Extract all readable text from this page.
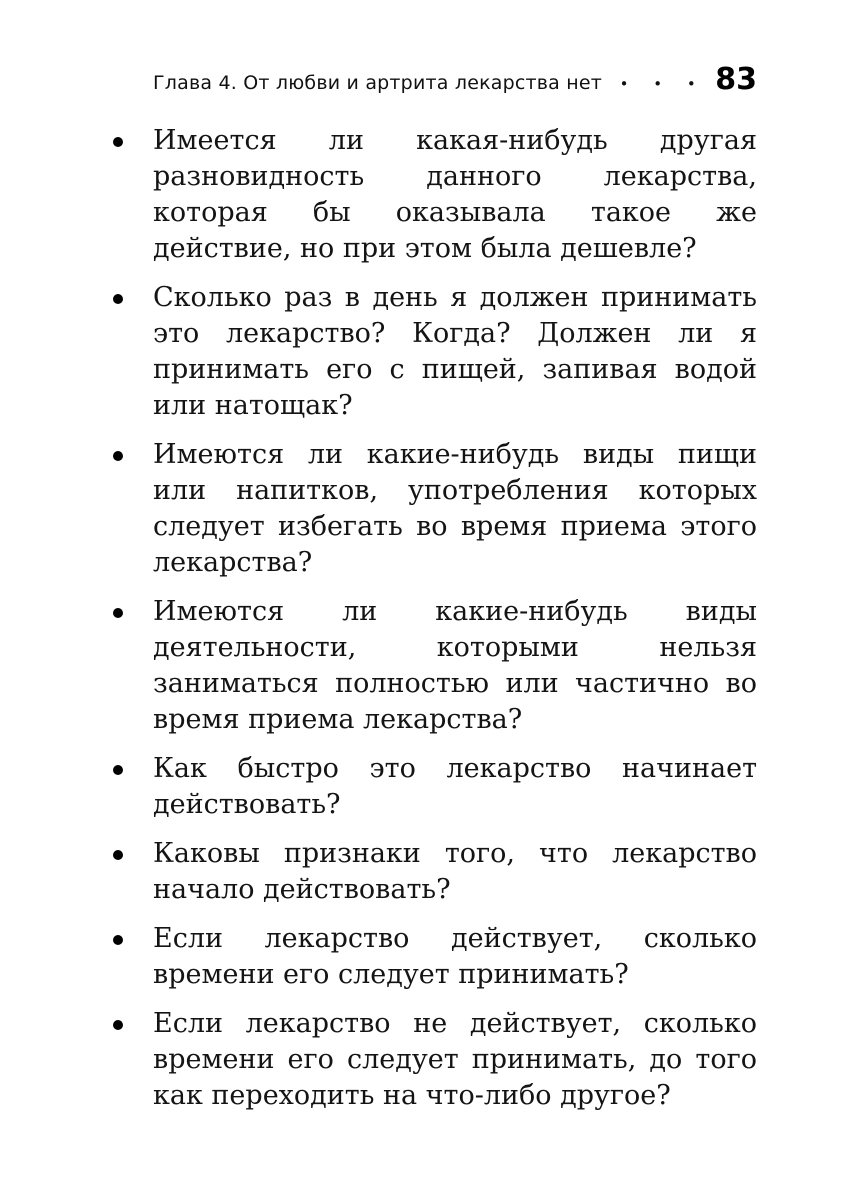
Глава 4. От любви и артрита лекарства нет	• • • 83
Имеется ли какая-нибудь другая разновидность данного лекарства, которая бы оказывала такое же действие, но при этом была дешевле?
Сколько раз в день я должен принимать это лекарство? Когда? Должен ли я принимать его с пищей, запивая водой или натощак?
Имеются ли какие-нибудь виды пищи или напитков, употребления которых следует избегать во время приема этого лекарства?
Имеются ли какие-нибудь виды деятельности, которыми нельзя заниматься полностью или частично во время приема лекарства?
Как быстро это лекарство начинает действовать?
Каковы признаки того, что лекарство начало действовать?
Если лекарство действует, сколько времени его следует принимать?
Если лекарство не действует, сколько времени его следует принимать, до того как переходить на что-либо другое?
